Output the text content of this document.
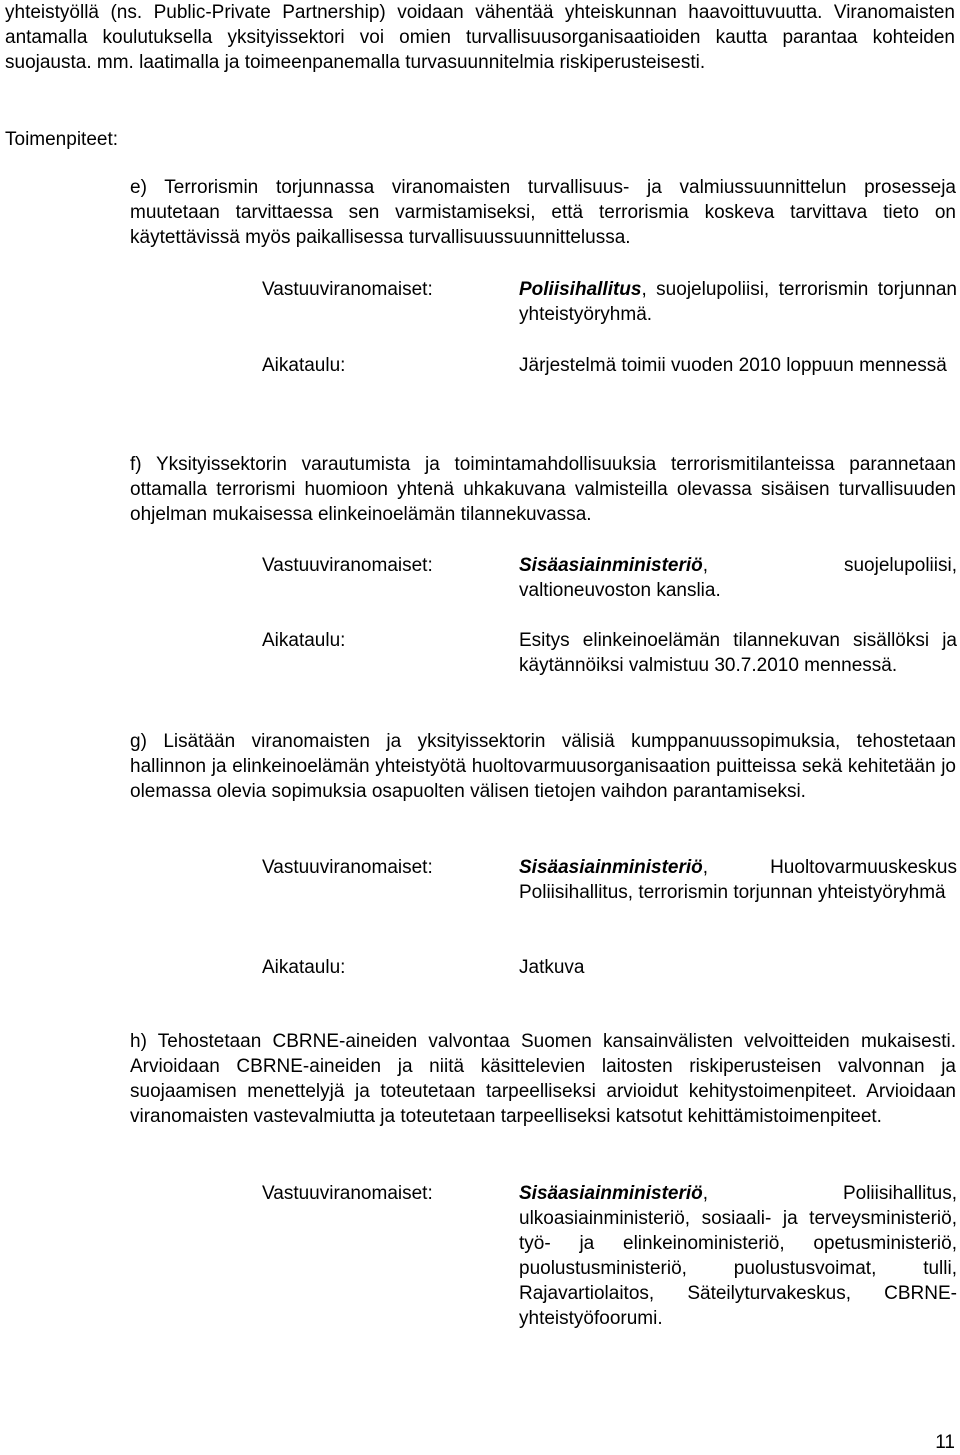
yhteistyöllä (ns. Public-Private Partnership) voidaan vähentää yhteiskunnan haavoittuvuutta. Viranomaisten antamalla koulutuksella yksityissektori voi omien turvallisuusorganisaatioiden kautta parantaa kohteiden suojausta. mm. laatimalla ja toimeenpanemalla turvasuunnitelmia riskiperusteisesti.
Toimenpiteet:
e) Terrorismin torjunnassa viranomaisten turvallisuus- ja valmiussuunnittelun prosesseja muutetaan tarvittaessa sen varmistamiseksi, että terrorismia koskeva tarvittava tieto on käytettävissä myös paikallisessa turvallisuussuunnittelussa.
Vastuuviranomaiset:	Poliisihallitus, suojelupoliisi, terrorismin torjunnan yhteistyöryhmä.
Aikataulu:	Järjestelmä toimii vuoden 2010 loppuun mennessä
f) Yksityissektorin varautumista ja toimintamahdollisuuksia terrorismitilanteissa parannetaan ottamalla terrorismi huomioon yhtenä uhkakuvana valmisteilla olevassa sisäisen turvallisuuden ohjelman mukaisessa elinkeinoelämän tilannekuvassa.
Vastuuviranomaiset:	Sisäasiainministeriö, suojelupoliisi, valtioneuvoston kanslia.
Aikataulu:	Esitys elinkeinoelämän tilannekuvan sisällöksi ja käytännöiksi valmistuu 30.7.2010 mennessä.
g) Lisätään viranomaisten ja yksityissektorin välisiä kumppanuussopimuksia, tehostetaan hallinnon ja elinkeinoelämän yhteistyötä huoltovarmuusorganisaation puitteissa sekä kehitetään jo olemassa olevia sopimuksia osapuolten välisen tietojen vaihdon parantamiseksi.
Vastuuviranomaiset:	Sisäasiainministeriö, Huoltovarmuuskeskus Poliisihallitus, terrorismin torjunnan yhteistyöryhmä
Aikataulu:	Jatkuva
h) Tehostetaan CBRNE-aineiden valvontaa Suomen kansainvälisten velvoitteiden mukaisesti. Arvioidaan CBRNE-aineiden ja niitä käsittelevien laitosten riskiperusteisen valvonnan ja suojaamisen menettelyjä ja toteutetaan tarpeelliseksi arvioidut kehitystoimenpiteet. Arvioidaan viranomaisten vastevalmiutta ja toteutetaan tarpeelliseksi katsotut kehittämistoimenpiteet.
Vastuuviranomaiset:	Sisäasiainministeriö, Poliisihallitus, ulkoasiainministeriö, sosiaali- ja terveysministeriö, työ- ja elinkeinoministeriö, opetusministeriö, puolustusministeriö, puolustusvoimat, tulli, Rajavartiolaitos, Säteilyturvakeskus, CBRNE-yhteistyöfoorumi.
11
